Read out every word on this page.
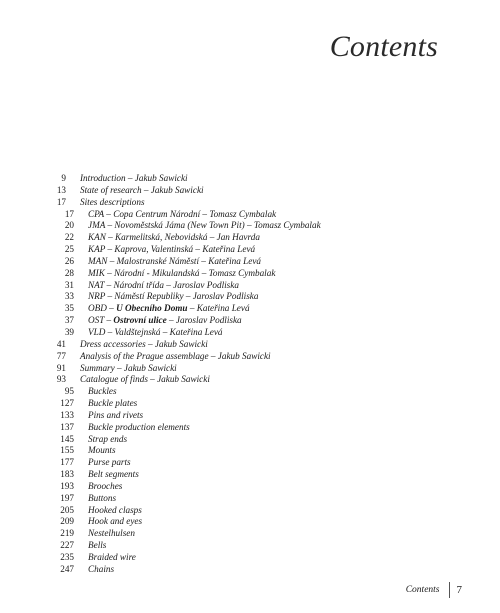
Contents
9 Introduction – Jakub Sawicki
13 State of research – Jakub Sawicki
17 Sites descriptions
17 CPA – Copa Centrum Národní – Tomasz Cymbalak
20 JMA – Novoměstská Jáma (New Town Pit) – Tomasz Cymbalak
22 KAN – Karmelitská, Nebovidská – Jan Havrda
25 KAP – Kaprova, Valentinská – Kateřina Levá
26 MAN – Malostranské Náměstí – Kateřina Levá
28 MIK – Národní - Mikulandská – Tomasz Cymbalak
31 NAT – Národní třída – Jaroslav Podliska
33 NRP – Náměstí Republiky – Jaroslav Podliska
35 OBD – U Obecního Domu – Kateřina Levá
37 OST – Ostrovní ulice – Jaroslav Podliska
39 VLD – Valdštejnská – Kateřina Levá
41 Dress accessories – Jakub Sawicki
77 Analysis of the Prague assemblage – Jakub Sawicki
91 Summary – Jakub Sawicki
93 Catalogue of finds – Jakub Sawicki
95 Buckles
127 Buckle plates
133 Pins and rivets
137 Buckle production elements
145 Strap ends
155 Mounts
177 Purse parts
183 Belt segments
193 Brooches
197 Buttons
205 Hooked clasps
209 Hook and eyes
219 Nestelhulsen
227 Bells
235 Braided wire
247 Chains
Contents 7
